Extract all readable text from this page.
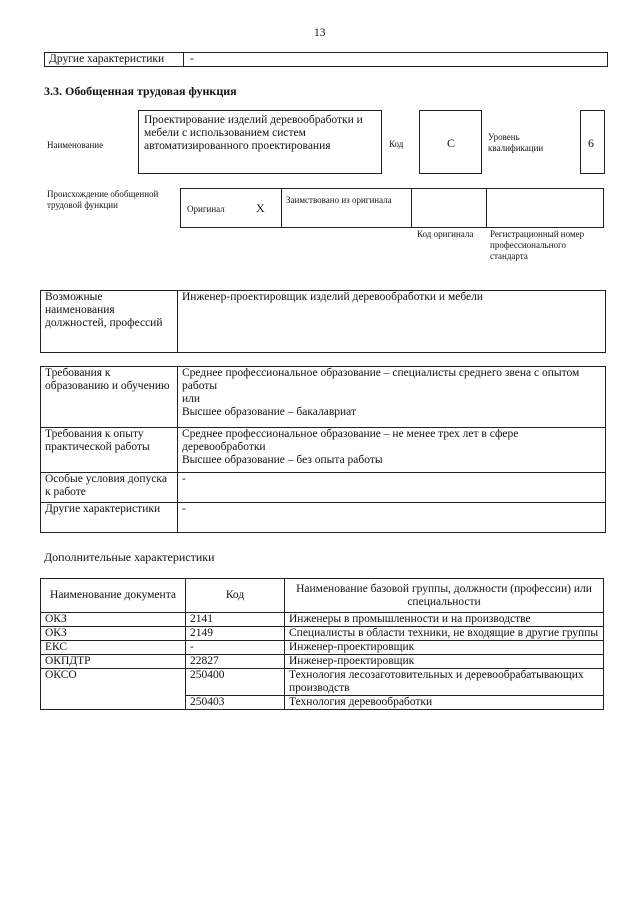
13
Другие характеристики -
3.3. Обобщенная трудовая функция
Наименование
Проектирование изделий деревообработки и мебели с использованием систем автоматизированного проектирования	Код	C	Уровень квалификации	6
Происхождение обобщенной трудовой функции	Оригинал	X
Заимствовано из оригинала
Код оригинала	Регистрационный номер профессионального стандарта
Возможные наименования должностей, профессий	Инженер-проектировщик изделий деревообработки и мебели
Требования к образованию и обучению	Среднее профессиональное образование – специалисты среднего звена с опытом работы
или
Высшее образование – бакалавриат

Требования к опыту практической работы	Среднее профессиональное образование – не менее трех лет в сфере деревообработки
Высшее образование – без опыта работы

Особые условия допуска к работе	-
Другие характеристики	-
Дополнительные характеристики
Наименование документа	Код	Наименование базовой группы, должности (профессии) или специальности
ОКЗ	2141	Инженеры в промышленности и на производстве
ОКЗ	2149	Специалисты в области техники, не входящие в другие группы
ЕКС	-	Инженер-проектировщик
ОКПДТР	22827	Инженер-проектировщик
ОКСО	250400	Технология лесозаготовительных и деревообрабатывающих производств
	250403	Технология деревообработки
